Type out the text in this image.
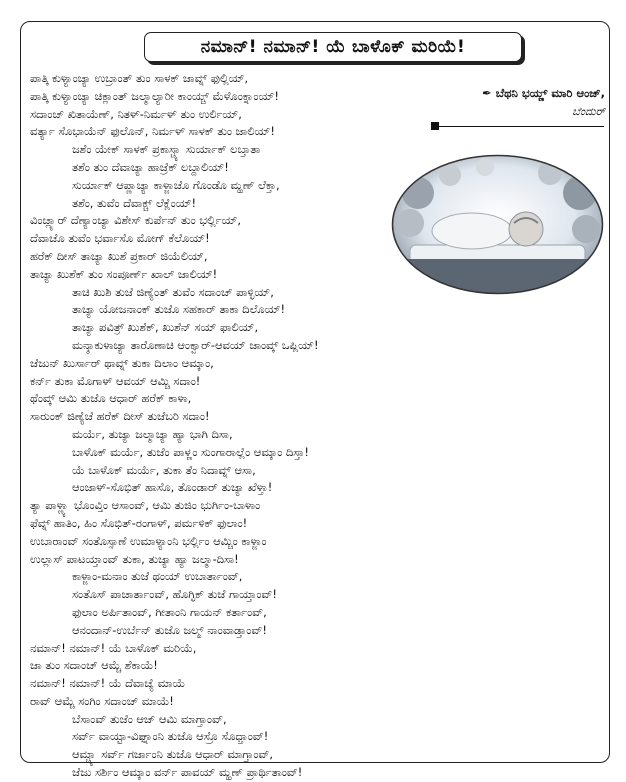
ನಮಾನ್! ನಮಾನ್! ಯೆ ಬಾಳೊಕ್ ಮರಿಯೆ!
ಪಾತ್ಕಿ ಕುಳ್ಯಾಂಚ್ಯಾ ಉಬ್ರಾಂತ್ ತುಂ ಸಾಳಕ್ ಜಾವ್ನ್ ಫುಲ್ಲಿಯ್,
ಪಾತ್ಕಿ ಕುಳ್ಯಾಂಚ್ಯಾ ಚಿಕ್ಲಾಂತ್ ಜಲ್ಮಾಲ್ಯಾರೀ ಕಾಂಯ್ಚ್ ಮೆಳೊಂಕ್ನಾಂಯ್!
ಸದಾಂಚ್ ಖಿತಾಯೆಣ್, ನಿತಳ್-ನಿರ್ಮಳ್ ತುಂ ಉರ್ಲಿಯ್,
ವರ್ತ್ಯಾ ಸೊಭಾಯೆನ್ ಫುಲೊನ್, ನಿರ್ಮಳ್ ಸಾಳಕ್ ತುಂ ಜಾಲಿಯ್!
ಜಶೆಂ ಯೇಕ್ ಸಾಳಕ್ ಪ್ರಕಾಸ್ಚ್ಯಾ ಸುರ್ಯಾಕ್ ಲಬ್ತಾತಾ
ತಶೆಂ ತುಂ ದೆವಾಚ್ಯಾ ಹಾಜ್ರೆಕ್ ಲಬ್ದಾಲಿಯ್!
ಸುರ್ಯಾಕ್ ಆಪ್ಣಾಚ್ಯಾ ಕಾಳ್ಜಾಚೊ ಗೊಂಡೊ ಮ್ಹಣ್ ಲೆಕ್ತಾ,
ತಶೆಂ, ತುವೆಂ ದೆವಾಕ್ಚ್ ಲೆಕ್ಲೆಂಯ್!
ವಿಂಚ್ಲ್ಯಾರ್ ದೆಣ್ಯಾಂಚ್ಯಾ ವಿಶೇಸ್ ಕುರ್ಪೆನ್ ತುಂ ಭರ್ಲ್ಲಿಯ್,
ದೆವಾಚೊ ತುವೆಂ ಭರ್ವಾಸೊ ಮೋಗ್ ಕೆಲೊಯ್!
ಹರೆಕ್ ದೀಸ್ ತಾಚ್ಯಾ ಖುಶೆ ಪ್ರಕಾರ್ ಜಿಯೆಲಿಯ್,
ತಾಚ್ಯಾ ಖುಶೆಕ್ ತುಂ ಸಂಪೂರ್ಣ್ ಖಾಲ್ ಜಾಲಿಯ್!
ತಾಚಿ ಖುಶಿ ತುಜೆ ಜಿಣ್ಯೆಂತ್ ತುವೆಂ ಸದಾಂಚ್ ಪಾಳ್ಳಿಯ್,
ತಾಚ್ಯಾ ಯೋಜನಾಂಕ್ ತುಜೊ ಸಹಕಾರ್ ತಾಕಾ ದಿಲೊಯ್!
ತಾಚ್ಯಾ ಪವಿತ್ರ್ ಖುಶೆಕ್, ಖುಶೆನ್ ಸಯ್ ಫಾಲಿಯ್,
ಮನ್ಶಾಕುಳಾಚ್ಯಾ ತಾರೊಣಾಚಿ ಆಂಕ್ವಾರ್-ಆವಯ್ ಜಾಂವ್ಕ್ ಒಪ್ಲಿಯ್!
ಜೆಜುನ್ ಖುರ್ಸಾರ್ ಥಾವ್ನ್ ತುಕಾ ದಿಲಾಂ ಆಮ್ಕಾಂ,
ಕರ್ನ್ ತುಕಾ ಮೊಗಾಳ್ ಆವಯ್ ಆಮ್ಚಿ ಸದಾಂ!
ಥೆಂವ್ಕ್ ಆಮಿ ತುಜೊ ಆಧಾರ್ ಹರೆಕ್ ಕಾಳಾ,
ಸಾರುಂಕ್ ಜಿಣ್ಯೆಚೆ ಹರೆಕ್ ದೀಸ್ ತುಜೆಬರಿ ಸದಾಂ!
ಮರ್ಯೆ, ತುಜ್ಯಾ ಜಲ್ಮಾಚ್ಯಾ ಹ್ಯಾ ಭಾಗಿ ದಿಸಾ,
ಬಾಳೊಕ್ ಮರ್ಯೆ, ತುಜೆಂ ಪಾಳ್ಣಂ ಸುಂಗಾರಾಲ್ಲೆಂ ಆಮ್ಕಾಂ ದಿಸ್ತಾ!
ಯೆ ಬಾಳೊಕ್ ಮರ್ಯೆ, ತುಕಾ ತೆಂ ನಿದಾವ್ನ್ ಆಸಾ,
ಆಂಜಾಳ್-ಸೊಭಿತ್ ಹಾಸೊ, ತೊಂಡಾರ್ ತುಜ್ಯಾ ಖೆಳ್ತಾ!
ತ್ಯಾ ಪಾಳ್ಣ್ಯಾ ಭೊಂವ್ತಿಂ ಆಸಾಂವ್, ಆಮಿ ತುಜಿಂ ಭುರ್ಗಿಂ-ಬಾಳಾಂ
ಫೆವ್ನ್ ಹಾತಿಂ, ಹಿಂ ಸೊಭಿತ್-ರಂಗಾಳ್, ಪರ್ಮಳಿಕ್ ಫುಲಾಂ!
ಉಬಾರಾಂವ್ ಸಂತೊಸ್ಸಾಣೆ ಉಮಾಳ್ಯಾಂನಿ ಭರ್ಲ್ಲಿಂ ಆಮ್ಚಿಂ ಕಾಳ್ಜಾಂ
ಉಲ್ಲಾಸ್ ಪಾಟಯ್ತಾಂವ್ ತುಕಾ, ತುಜ್ಯಾ ಹ್ಯಾ ಜಲ್ಮಾ-ದಿಸಾ!
ಕಾಳ್ಜಾಂ-ಮನಾಂ ತುಜೆ ಥಂಯ್ ಉಬಾರ್ತಾಂವ್,
ಸಂತೊಸ್ ಪಾಚಾರ್ತಾಂವ್, ಹೊಗ್ಳಿಕ್ ತುಜೆ ಗಾಯ್ತಾಂವ್!
ಫುಲಾಂ ಅರ್ಪಿತಾಂವ್, ಗೀತಾಂನಿ ಗಾಯನ್ ಕರ್ತಾಂವ್,
ಆನಂದಾನ್-ಉರ್ಬೆನ್ ತುಜೊ ಜಲ್ಮ್ ನಾಂವಾಡ್ತಾಂವ್!
ನಮಾನ್! ನಮಾನ್! ಯೆ ಬಾಳೊಕ್ ಮರಿಯೆ,
ಜಾ ತುಂ ಸದಾಂಚ್ ಆಮ್ಚೆ ಶೆಕಾಯೆ!
ನಮಾನ್! ನಮಾನ್! ಯೆ ದೆವಾಚ್ಯೆ ಮಾಯೆ
ರಾವ್ ಆಮ್ಚೆ ಸಂಗಿಂ ಸದಾಂಚ್ ಮಾಯೆ!
ಬೆಸಾಂವ್ ತುಜೆಂ ಆಜ್ ಆಮಿ ಮಾಗ್ತಾಂವ್,
ಸರ್ವ್ ವಾಯ್ಟಾ-ವಿಘ್ನಾಂನಿ ತುಜೊ ಆಸ್ರೊ ಸೊಧ್ತಾಂವ್!
ಆಮ್ಚ್ಯಾ ಸರ್ವ್ ಗರ್ಜಾಂನಿ ತುಜೊ ಆಧಾರ್ ಮಾಗ್ತಾಂವ್,
ಜೆಜು ಸರ್ಶಿಂ ಆಮ್ಕಾಂ ವರ್ನ್ ಪಾವಯ್ ಮ್ಹಣ್ ಪ್ರಾರ್ಥಿತಾಂವ್!
✒ ಬೆಥನಿ ಭಯ್ಣ್ ಮಾರಿ ಆಂಜ್,
ಬೆಂದುರ್
